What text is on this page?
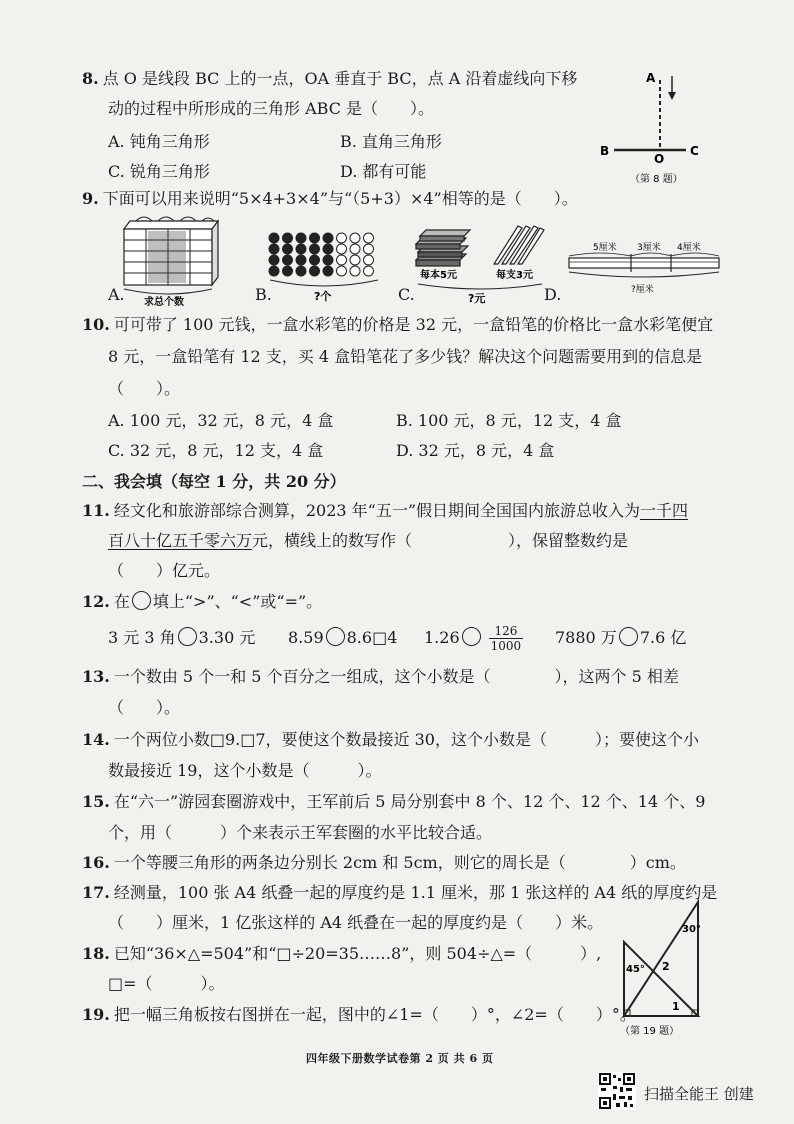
8. 点 O 是线段 BC 上的一点，OA 垂直于 BC，点 A 沿着虚线向下移
动的过程中所形成的三角形 ABC 是（　　）。
A. 钝角三角形	B. 直角三角形
C. 锐角三角形	D. 都有可能
A
B
O
C
（第 8 题）
9. 下面可以用来说明“5×4+3×4”与“（5+3）×4”相等的是（　　）。
求总个数
A.	?个
B.
每本5元	每支3元
?元
C.
5厘米 3厘米 4厘米
?厘米
D.
10. 可可带了 100 元钱，一盒水彩笔的价格是 32 元，一盒铅笔的价格比一盒水彩笔便宜
8 元，一盒铅笔有 12 支，买 4 盒铅笔花了多少钱？解决这个问题需要用到的信息是
（　　）。
A. 100 元，32 元，8 元，4 盒	B. 100 元，8 元，12 支，4 盒
C. 32 元，8 元，12 支，4 盒	D. 32 元，8 元，4 盒
二、我会填（每空 1 分，共 20 分）
11. 经文化和旅游部综合测算，2023 年“五一”假日期间全国国内旅游总收入为一千四
百八十亿五千零六万元，横线上的数写作（　　　　　　），保留整数约是
（　　）亿元。
12. 在 填上“>”、“<”或“=”。
3 元 3 角 3.30 元 8.59 8.6□4 $1.26 \frac{126}{1000} 7880$ 万 7.6 亿
13. 一个数由 5 个一和 5 个百分之一组成，这个小数是（　　　　），这两个 5 相差
（　　）。
14. 一个两位小数□9.□7，要使这个数最接近 30，这个小数是（　　　）；要使这个小
数最接近 19，这个小数是（　　　）。
15. 在“六一”游园套圈游戏中，王军前后 5 局分别套中 8 个、12 个、12 个、14 个、9
个，用（　　　）个来表示王军套圈的水平比较合适。
16. 一个等腰三角形的两条边分别长 2cm 和 5cm，则它的周长是（　　　　）cm。
17. 经测量，100 张 A4 纸叠一起的厚度约是 1.1 厘米，那 1 张这样的 A4 纸的厚度约是
（　　）厘米，1 亿张这样的 A4 纸叠在一起的厚度约是（　　）米。
18. 已知“36×△=504”和“□÷20=35……8”，则 504÷△=（　　　）,
□=（　　　）。
19. 把一幅三角板按右图拼在一起，图中的∠1=（　　）°，∠2=（　　）°。
30°
45° 2
1
（第 19 题）
四年级下册数学试卷第 2 页 共 6 页
扫描全能王 创建
